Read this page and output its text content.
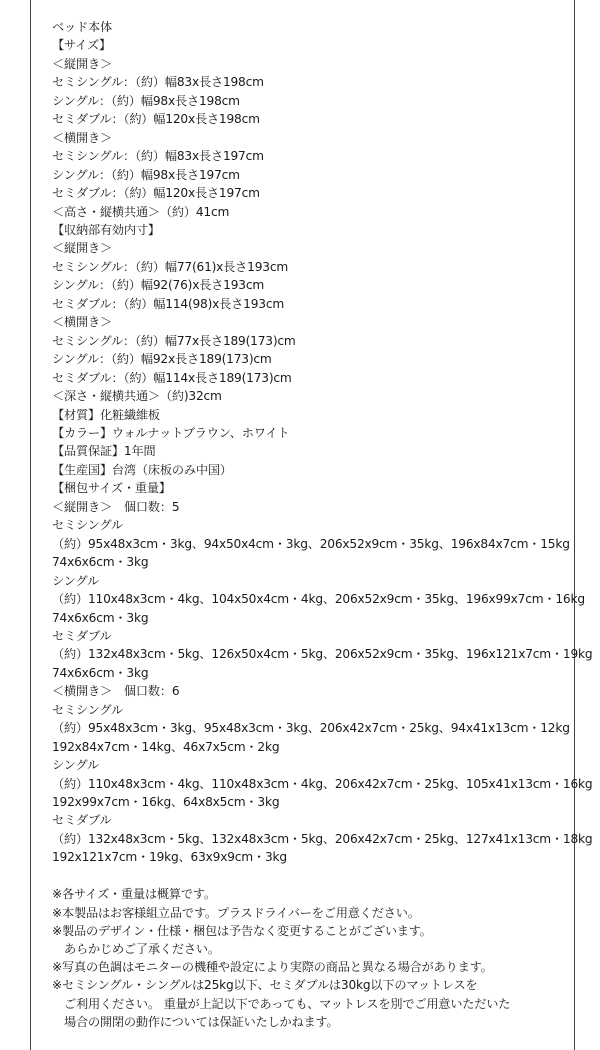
ベッド本体
【サイズ】
＜縦開き＞
セミシングル：（約）幅83x長さ198cm
シングル：（約）幅98x長さ198cm
セミダブル：（約）幅120x長さ198cm
＜横開き＞
セミシングル：（約）幅83x長さ197cm
シングル：（約）幅98x長さ197cm
セミダブル：（約）幅120x長さ197cm
＜高さ・縦横共通＞（約）41cm
【収納部有効内寸】
＜縦開き＞
セミシングル：（約）幅77(61)x長さ193cm
シングル：（約）幅92(76)x長さ193cm
セミダブル：（約）幅114(98)x長さ193cm
＜横開き＞
セミシングル：（約）幅77x長さ189(173)cm
シングル：（約）幅92x長さ189(173)cm
セミダブル：（約）幅114x長さ189(173)cm
＜深さ・縦横共通＞（約)32cm
【材質】化粧繊維板
【カラー】ウォルナットブラウン、ホワイト
【品質保証】1年間
【生産国】台湾（床板のみ中国）
【梱包サイズ・重量】
＜縦開き＞　個口数：5
セミシングル
（約）95x48x3cm・3kg、94x50x4cm・3kg、206x52x9cm・35kg、196x84x7cm・15kg
74x6x6cm・3kg
シングル
（約）110x48x3cm・4kg、104x50x4cm・4kg、206x52x9cm・35kg、196x99x7cm・16kg
74x6x6cm・3kg
セミダブル
（約）132x48x3cm・5kg、126x50x4cm・5kg、206x52x9cm・35kg、196x121x7cm・19kg
74x6x6cm・3kg
＜横開き＞　個口数：6
セミシングル
（約）95x48x3cm・3kg、95x48x3cm・3kg、206x42x7cm・25kg、94x41x13cm・12kg
192x84x7cm・14kg、46x7x5cm・2kg
シングル
（約）110x48x3cm・4kg、110x48x3cm・4kg、206x42x7cm・25kg、105x41x13cm・16kg
192x99x7cm・16kg、64x8x5cm・3kg
セミダブル
（約）132x48x3cm・5kg、132x48x3cm・5kg、206x42x7cm・25kg、127x41x13cm・18kg
192x121x7cm・19kg、63x9x9cm・3kg
※各サイズ・重量は概算です。
※本製品はお客様組立品です。プラスドライバーをご用意ください。
※製品のデザイン・仕様・梱包は予告なく変更することがございます。
あらかじめご了承ください。
※写真の色調はモニターの機種や設定により実際の商品と異なる場合があります。
※セミシングル・シングルは25kg以下、セミダブルは30kg以下のマットレスを
ご利用ください。 重量が上記以下であっても、マットレスを別でご用意いただいた
場合の開閉の動作については保証いたしかねます。
